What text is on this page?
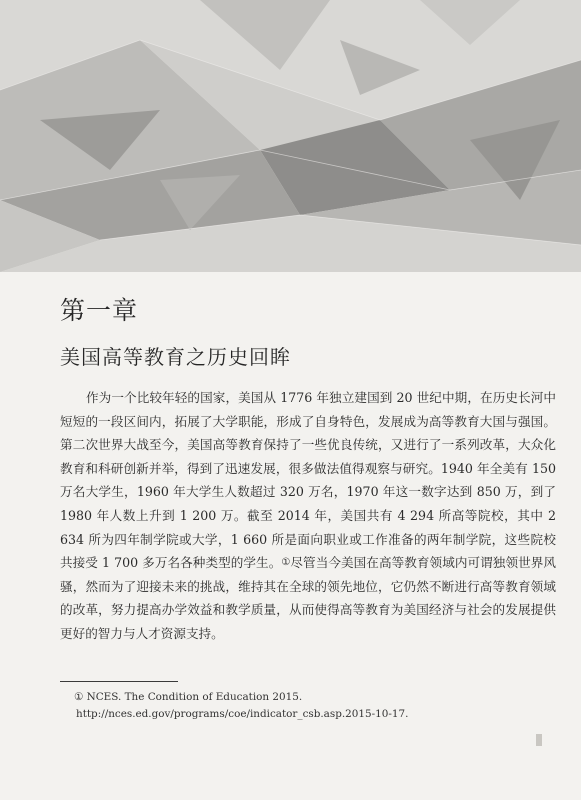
第一章
美国高等教育之历史回眸

作为一个比较年轻的国家，美国从 1776 年独立建国到 20 世纪中期，在历史长河中短短的一段区间内，拓展了大学职能，形成了自身特色，发展成为高等教育大国与强国。第二次世界大战至今，美国高等教育保持了一些优良传统，又进行了一系列改革，大众化教育和科研创新并举，得到了迅速发展，很多做法值得观察与研究。1940 年全美有 150 万名大学生，1960 年大学生人数超过 320 万名，1970 年这一数字达到 850 万，到了 1980 年人数上升到 1 200 万。截至 2014 年，美国共有 4 294 所高等院校，其中 2 634 所为四年制学院或大学，1 660 所是面向职业或工作准备的两年制学院，这些院校共接受 1 700 多万名各种类型的学生。①尽管当今美国在高等教育领域内可谓独领世界风骚，然而为了迎接未来的挑战，维持其在全球的领先地位，它仍然不断进行高等教育领域的改革，努力提高办学效益和教学质量，从而使得高等教育为美国经济与社会的发展提供更好的智力与人才资源支持。

① NCES. The Condition of Education 2015. http://nces.ed.gov/programs/coe/indicator_csb.asp.2015-10-17.
